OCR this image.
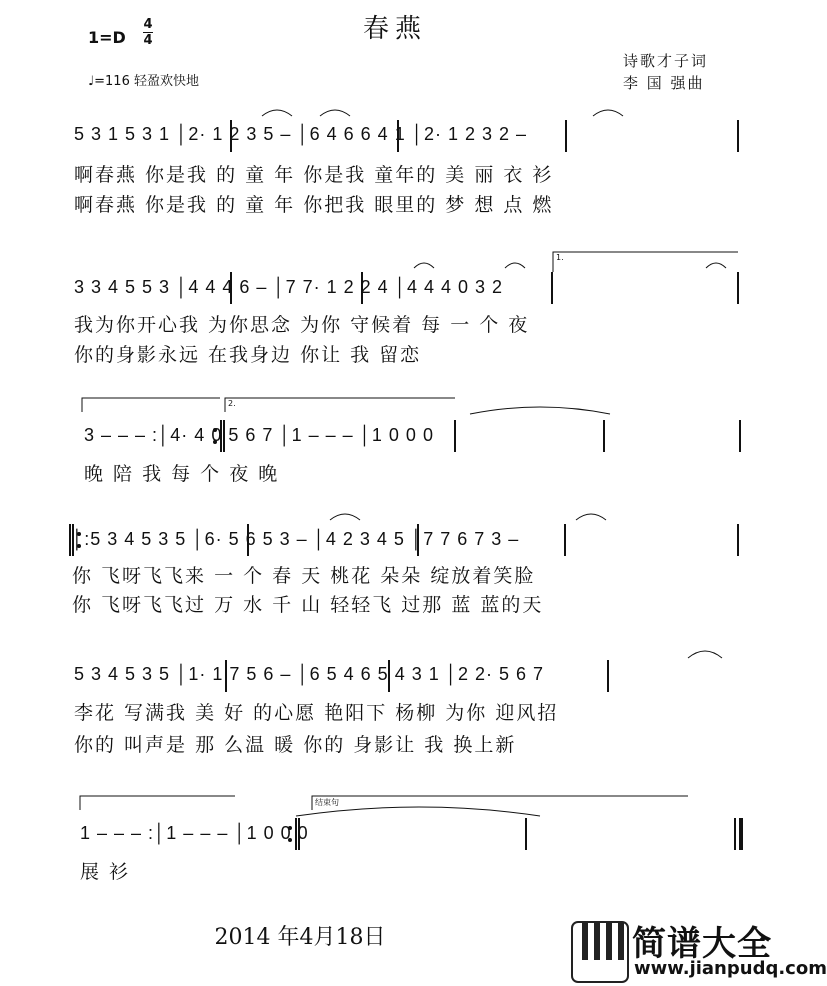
春燕
1=D
4
4
♩=116 轻盈欢快地
诗歌才子词
李 国 强曲
1.
2.
结束句
5 3 1 5 3 1 │2· 1 2 3 5 – │6 4 6 6 4 1 │2· 1 2 3 2 –
啊春燕 你是我 的 童 年 你是我 童年的 美 丽 衣 衫
啊春燕 你是我 的 童 年 你把我 眼里的 梦 想 点 燃
3 3 4 5 5 3 │4 4 4 6 – │7 7· 1 2 2 4 │4 4 4 0 3 2
我为你开心我 为你思念 为你 守候着 每 一 个 夜
你的身影永远 在我身边 你让 我 留恋
3 – – – :│4· 4 0 5 6 7 │1 – – – │1 0 0 0
晚 陪 我 每 个 夜 晚
│:5 3 4 5 3 5 │6· 5 6 5 3 – │4 2 3 4 5 │7 7 6 7 3 –
你 飞呀飞飞来 一 个 春 天 桃花 朵朵 绽放着笑脸
你 飞呀飞飞过 万 水 千 山 轻轻飞 过那 蓝 蓝的天
5 3 4 5 3 5 │1· 1 7 5 6 – │6 5 4 6 5 4 3 1 │2 2· 5 6 7
李花 写满我 美 好 的心愿 艳阳下 杨柳 为你 迎风招
你的 叫声是 那 么温 暖 你的 身影让 我 换上新
1 – – – :│1 – – – │1 0 0 0
展 衫
2014 年4月18日	简谱大全
www.jianpudq.com
